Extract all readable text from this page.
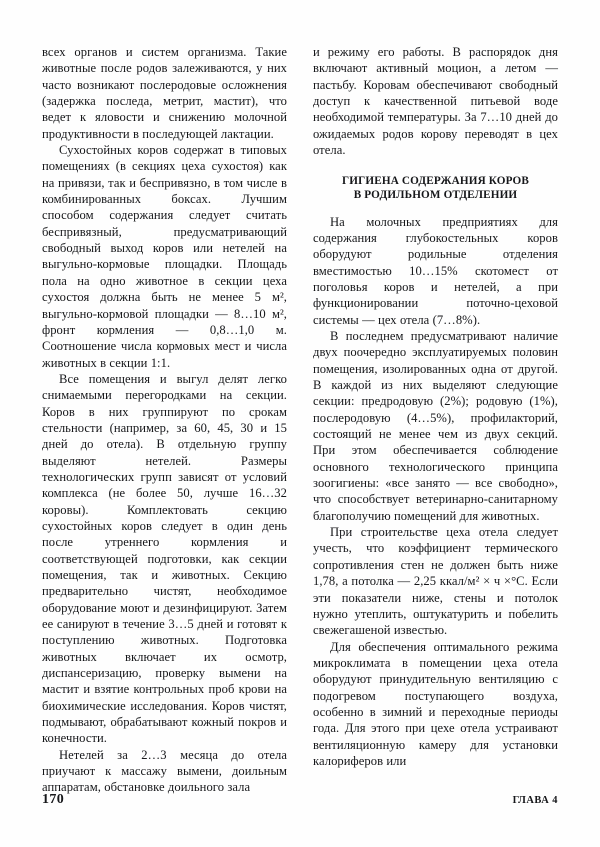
всех органов и систем организма. Такие животные после родов залеживаются, у них часто возникают послеродовые осложнения (задержка последа, метрит, мастит), что ведет к яловости и снижению молочной продуктивности в последующей лактации.

Сухостойных коров содержат в типовых помещениях (в секциях цеха сухостоя) как на привязи, так и беспривязно, в том числе в комбинированных боксах. Лучшим способом содержания следует считать беспривязный, предусматривающий свободный выход коров или нетелей на выгульно-кормовые площадки. Площадь пола на одно животное в секции цеха сухостоя должна быть не менее 5 м², выгульно-кормовой площадки — 8…10 м², фронт кормления — 0,8…1,0 м. Соотношение числа кормовых мест и числа животных в секции 1:1.

Все помещения и выгул делят легко снимаемыми перегородками на секции. Коров в них группируют по срокам стельности (например, за 60, 45, 30 и 15 дней до отела). В отдельную группу выделяют нетелей. Размеры технологических групп зависят от условий комплекса (не более 50, лучше 16…32 коровы). Комплектовать секцию сухостойных коров следует в один день после утреннего кормления и соответствующей подготовки, как секции помещения, так и животных. Секцию предварительно чистят, необходимое оборудование моют и дезинфицируют. Затем ее санируют в течение 3…5 дней и готовят к поступлению животных. Подготовка животных включает их осмотр, диспансеризацию, проверку вымени на мастит и взятие контрольных проб крови на биохимические исследования. Коров чистят, подмывают, обрабатывают кожный покров и конечности.

Нетелей за 2…3 месяца до отела приучают к массажу вымени, доильным аппаратам, обстановке доильного зала

и режиму его работы. В распорядок дня включают активный моцион, а летом — пастьбу. Коровам обеспечивают свободный доступ к качественной питьевой воде необходимой температуры. За 7…10 дней до ожидаемых родов корову переводят в цех отела.

ГИГИЕНА СОДЕРЖАНИЯ КОРОВ
В РОДИЛЬНОМ ОТДЕЛЕНИИ

На молочных предприятиях для содержания глубокостельных коров оборудуют родильные отделения вместимостью 10…15% скотомест от поголовья коров и нетелей, а при функционировании поточно-цеховой системы — цех отела (7…8%).

В последнем предусматривают наличие двух поочередно эксплуатируемых половин помещения, изолированных одна от другой. В каждой из них выделяют следующие секции: предродовую (2%); родовую (1%), послеродовую (4…5%), профилакторий, состоящий не менее чем из двух секций. При этом обеспечивается соблюдение основного технологического принципа зоогигиены: «все занято — все свободно», что способствует ветеринарно-санитарному благополучию помещений для животных.

При строительстве цеха отела следует учесть, что коэффициент термического сопротивления стен не должен быть ниже 1,78, а потолка — 2,25 ккал/м² × ч ×°С. Если эти показатели ниже, стены и потолок нужно утеплить, оштукатурить и побелить свежегашеной известью.

Для обеспечения оптимального режима микроклимата в помещении цеха отела оборудуют принудительную вентиляцию с подогревом поступающего воздуха, особенно в зимний и переходные периоды года. Для этого при цехе отела устраивают вентиляционную камеру для установки калориферов или

170	ГЛАВА 4
